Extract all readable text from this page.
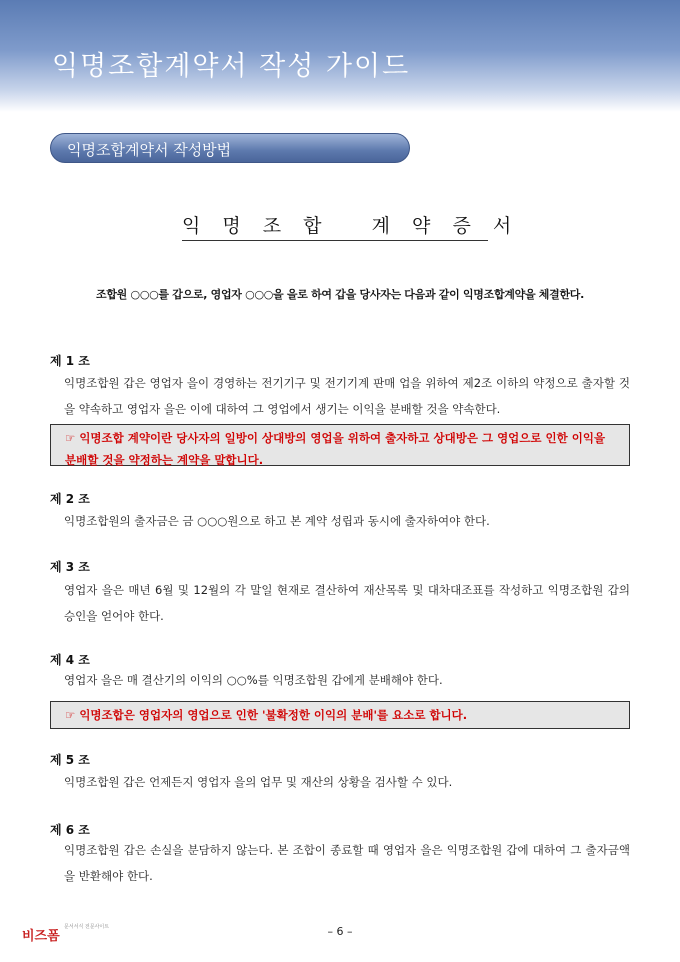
익명조합계약서 작성 가이드
익명조합계약서 작성방법
익 명 조 합   계 약 증 서
조합원 ○○○를 갑으로, 영업자 ○○○을 을로 하여 갑을 당사자는 다음과 같이 익명조합계약을 체결한다.
제 1 조
익명조합원 갑은 영업자 을이 경영하는 전기기구 및 전기기계 판매 업을 위하여 제2조 이하의 약정으로 출자할 것을 약속하고 영업자 을은 이에 대하여 그 영업에서 생기는 이익을 분배할 것을 약속한다.
☞ 익명조합 계약이란 당사자의 일방이 상대방의 영업을 위하여 출자하고 상대방은 그 영업으로 인한 이익을 분배할 것을 약정하는 계약을 말합니다.
제 2 조
익명조합원의 출자금은 금 ○○○원으로 하고 본 계약 성립과 동시에 출자하여야 한다.
제 3 조
영업자 을은 매년 6월 및 12월의 각 말일 현재로 결산하여 재산목록 및 대차대조표를 작성하고 익명조합원 갑의 승인을 얻어야 한다.
제 4 조
영업자 을은 매 결산기의 이익의 ○○%를 익명조합원 갑에게 분배해야 한다.
☞ 익명조합은 영업자의 영업으로 인한 '불확정한 이익의 분배'를 요소로 합니다.
제 5 조
익명조합원 갑은 언제든지 영업자 을의 업무 및 재산의 상황을 검사할 수 있다.
제 6 조
익명조합원 갑은 손실을 분담하지 않는다. 본 조합이 종료할 때 영업자 을은 익명조합원 갑에 대하여 그 출자금액을 반환해야 한다.
비즈폼
문서서식 전문사이트	– 6 –
